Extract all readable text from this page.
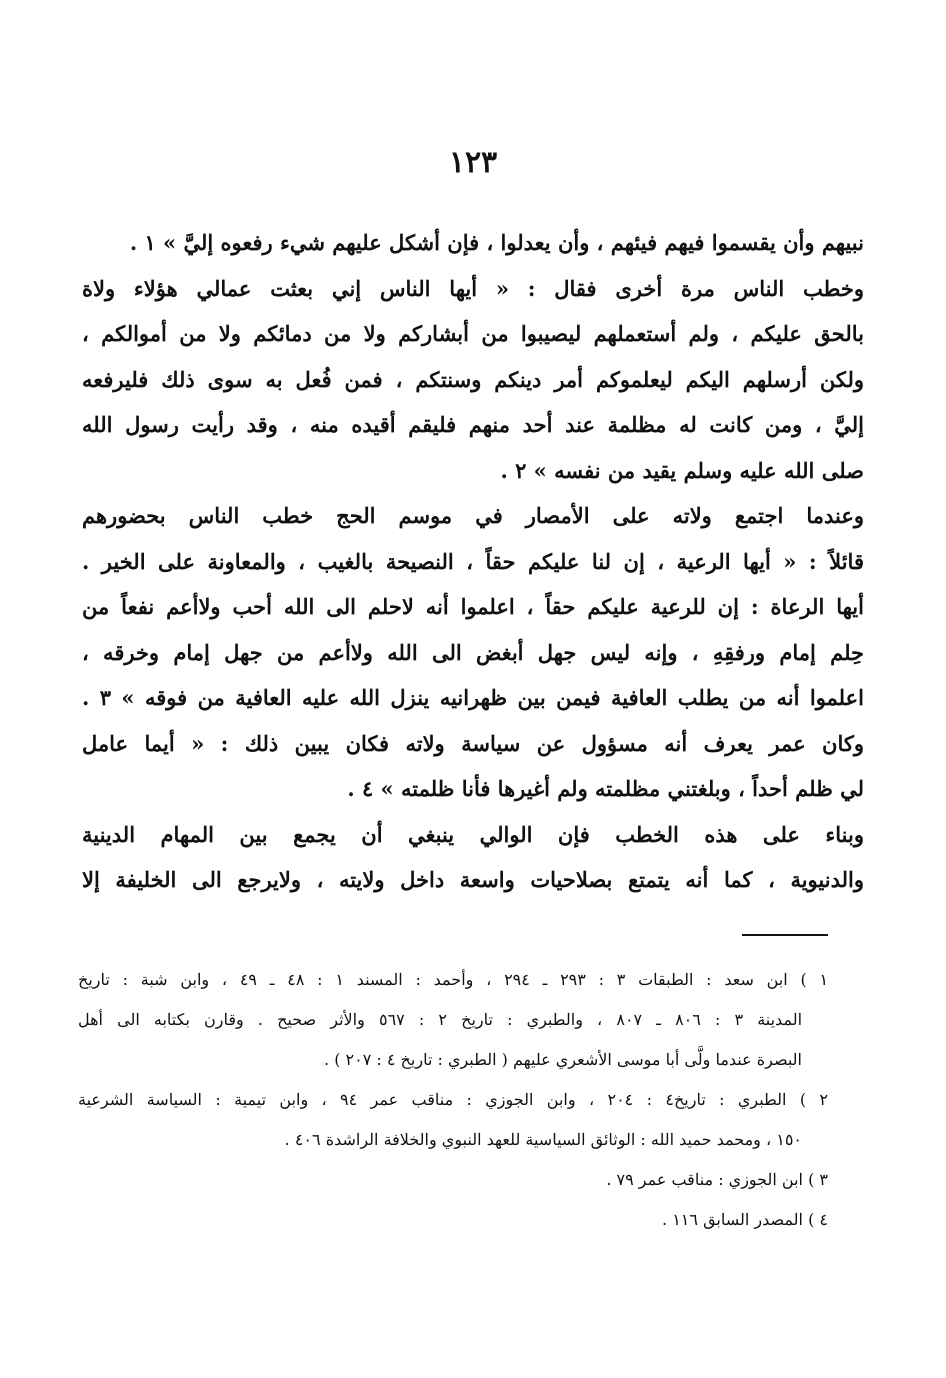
١٢٣
نبيهم وأن يقسموا فيهم فيئهم ، وأن يعدلوا ، فإن أشكل عليهم شيء رفعوه إليَّ » ١ .
وخطب الناس مرة أخرى فقال : « أيها الناس إني بعثت عمالي هؤلاء ولاة
بالحق عليكم ، ولم أستعملهم ليصيبوا من أبشاركم ولا من دمائكم ولا من أموالكم ،
ولكن أرسلهم اليكم ليعلموكم أمر دينكم وسنتكم ، فمن فُعل به سوى ذلك فليرفعه
إليَّ ، ومن كانت له مظلمة عند أحد منهم فليقم أقيده منه ، وقد رأيت رسول الله
صلى الله عليه وسلم يقيد من نفسه » ٢ .
وعندما اجتمع ولاته على الأمصار في موسم الحج خطب الناس بحضورهم
قائلاً : « أيها الرعية ، إن لنا عليكم حقاً ، النصيحة بالغيب ، والمعاونة على الخير .
أيها الرعاة : إن للرعية عليكم حقاً ، اعلموا أنه لاحلم الى الله أحب ولاأعم نفعاً من
حِلم إمام ورفقِهِ ، وإنه ليس جهل أبغض الى الله ولاأعم من جهل إمام وخرقه ،
اعلموا أنه من يطلب العافية فيمن بين ظهرانيه ينزل الله عليه العافية من فوقه » ٣ .
وكان عمر يعرف أنه مسؤول عن سياسة ولاته فكان يبين ذلك : « أيما عامل
لي ظلم أحداً ، وبلغتني مظلمته ولم أغيرها فأنا ظلمته » ٤ .
وبناء على هذه الخطب فإن الوالي ينبغي أن يجمع بين المهام الدينية
والدنيوية ، كما أنه يتمتع بصلاحيات واسعة داخل ولايته ، ولايرجع الى الخليفة إلا
١ ) ابن سعد : الطبقات ٣ : ٢٩٣ ـ ٢٩٤ ، وأحمد : المسند ١ : ٤٨ ـ ٤٩ ، وابن شبة : تاريخ
المدينة ٣ : ٨٠٦ ـ ٨٠٧ ، والطبري : تاريخ ٢ : ٥٦٧ والأثر صحيح . وقارن بكتابه الى أهل
البصرة عندما ولَّى أبا موسى الأشعري عليهم ( الطبري : تاريخ ٤ : ٢٠٧ ) .
٢ ) الطبري : تاريخ٤ : ٢٠٤ ، وابن الجوزي : مناقب عمر ٩٤ ، وابن تيمية : السياسة الشرعية
١٥٠ ، ومحمد حميد الله : الوثائق السياسية للعهد النبوي والخلافة الراشدة ٤٠٦ .
٣ ) ابن الجوزي : مناقب عمر ٧٩ .
٤ ) المصدر السابق ١١٦ .
